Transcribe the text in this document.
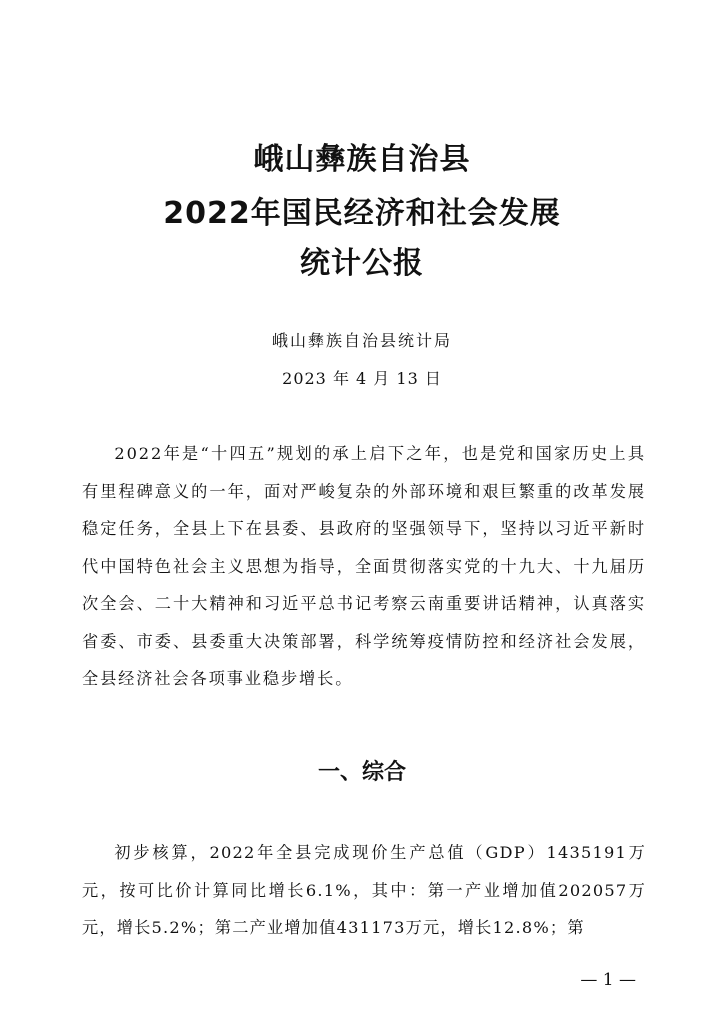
峨山彝族自治县
2022年国民经济和社会发展
统计公报
峨山彝族自治县统计局
2023 年 4 月 13 日

2022年是“十四五”规划的承上启下之年，也是党和国家历史上具有里程碑意义的一年，面对严峻复杂的外部环境和艰巨繁重的改革发展稳定任务，全县上下在县委、县政府的坚强领导下，坚持以习近平新时代中国特色社会主义思想为指导，全面贯彻落实党的十九大、十九届历次全会、二十大精神和习近平总书记考察云南重要讲话精神，认真落实省委、市委、县委重大决策部署，科学统筹疫情防控和经济社会发展，全县经济社会各项事业稳步增长。

一、综合

初步核算，2022年全县完成现价生产总值（GDP）1435191万元，按可比价计算同比增长6.1%，其中：第一产业增加值202057万元，增长5.2%；第二产业增加值431173万元，增长12.8%；第

— 1 —
